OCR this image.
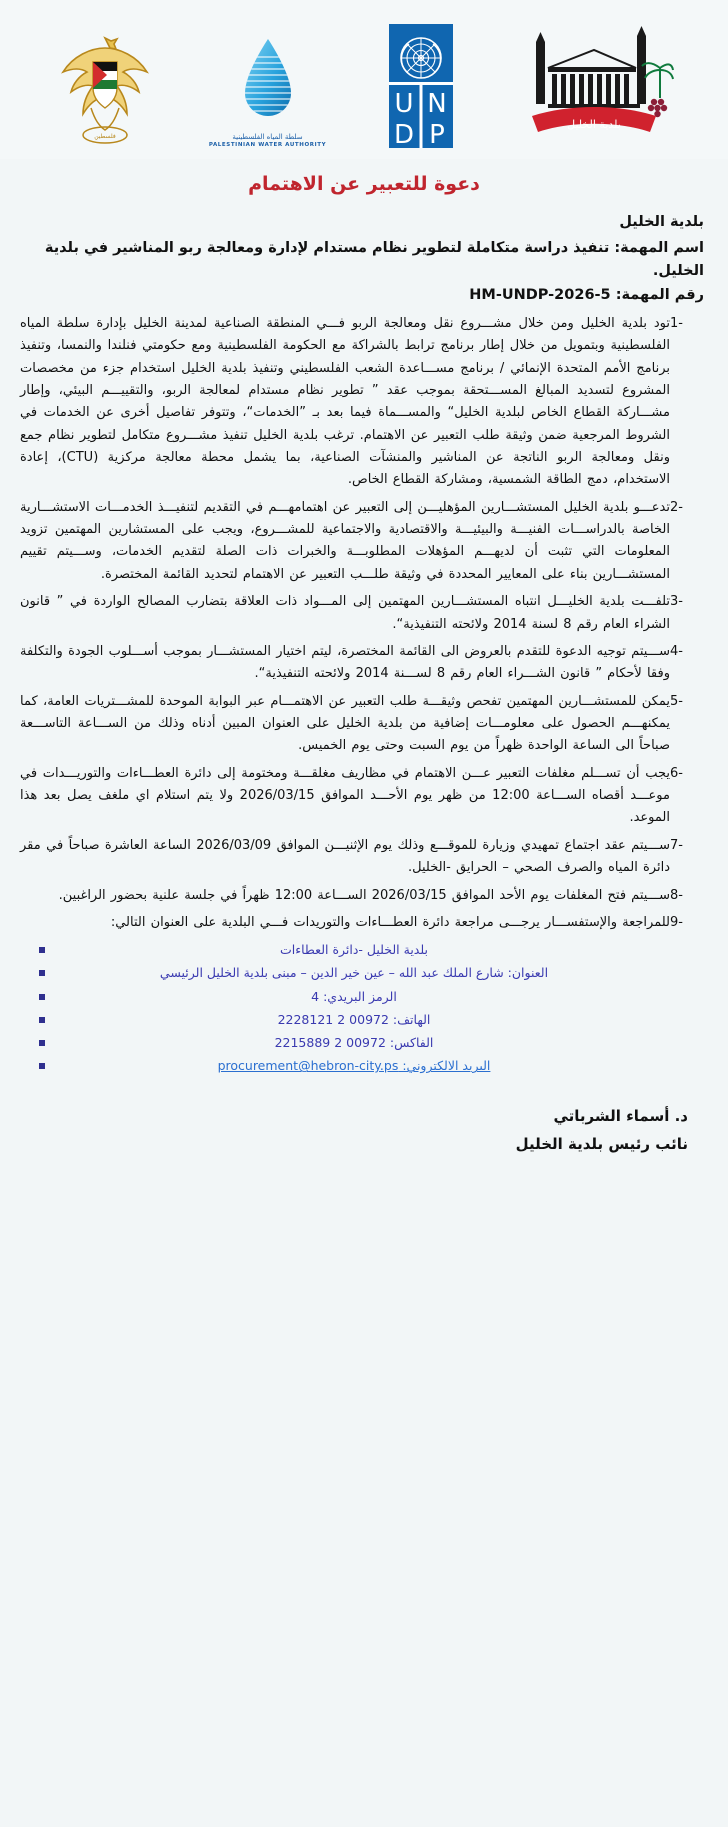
فلسطين	سلطة المياه الفلسطينية
PALESTINIAN WATER AUTHORITY
U N
D P	بلدية الخليل
دعوة للتعبير عن الاهتمام
بلدية الخليل
اسم المهمة: تنفيذ دراسة متكاملة لتطوير نظام مستدام لإدارة ومعالجة ربو المناشير في بلدية الخليل.
رقم المهمة: HM-UNDP-2026-5
1-
تود بلدية الخليل ومن خلال مشـــروع نقل ومعالجة الربو فـــي المنطقة الصناعية لمدينة الخليل بإدارة سلطة المياه الفلسطينية وبتمويل من خلال إطار برنامج ترابط بالشراكة مع الحكومة الفلسطينية ومع حكومتي فنلندا والنمسا، وتنفيذ برنامج الأمم المتحدة الإنمائي / برنامج مســـاعدة الشعب الفلسطيني وتنفيذ بلدية الخليل استخدام جزء من مخصصات المشروع لتسديد المبالغ المســـتحقة بموجب عقد ” تطوير نظام مستدام لمعالجة الربو، والتقييـــم البيئي، وإطار مشـــاركة القطاع الخاص لبلدية الخليل“ والمســـماة فيما بعد بـ ”الخدمات“، وتتوفر تفاصيل أخرى عن الخدمات في الشروط المرجعية ضمن وثيقة طلب التعبير عن الاهتمام. ترغب بلدية الخليل تنفيذ مشـــروع متكامل لتطوير نظام جمع ونقل ومعالجة الربو الناتجة عن المناشير والمنشآت الصناعية، بما يشمل محطة معالجة مركزية (CTU)، إعادة الاستخدام، دمج الطاقة الشمسية، ومشاركة القطاع الخاص.
2-
تدعـــو بلدية الخليل المستشـــارين المؤهليـــن إلى التعبير عن اهتمامهـــم في التقديم لتنفيـــذ الخدمـــات الاستشـــارية الخاصة بالدراســـات الفنيـــة والبيئيـــة والاقتصادية والاجتماعية للمشـــروع، ويجب على المستشارين المهتمين تزويد المعلومات التي تثبت أن لديهـــم المؤهلات المطلوبـــة والخبرات ذات الصلة لتقديم الخدمات، وســـيتم تقييم المستشـــارين بناء على المعايير المحددة في وثيقة طلـــب التعبير عن الاهتمام لتحديد القائمة المختصرة.
3-
تلفـــت بلدية الخليـــل انتباه المستشـــارين المهتمين إلى المـــواد ذات العلاقة بتضارب المصالح الواردة في ” قانون الشراء العام رقم 8 لسنة 2014 ولائحته التنفيذية“.
4-
ســـيتم توجيه الدعوة للتقدم بالعروض الى القائمة المختصرة، ليتم اختيار المستشـــار بموجب أســـلوب الجودة والتكلفة وفقا لأحكام ” قانون الشـــراء العام رقم 8 لســـنة 2014 ولائحته التنفيذية“.
5-
يمكن للمستشـــارين المهتمين تفحص وثيقـــة طلب التعبير عن الاهتمـــام عبر البوابة الموحدة للمشـــتريات العامة، كما يمكنهـــم الحصول على معلومـــات إضافية من بلدية الخليل على العنوان المبين أدناه وذلك من الســـاعة التاســـعة صباحاً الى الساعة الواحدة ظهراً من يوم السبت وحتى يوم الخميس.
6-
يجب أن تســـلم مغلفات التعبير عـــن الاهتمام في مظاريف مغلقـــة ومختومة إلى دائرة العطـــاءات والتوريـــدات في موعـــد أقصاه الســـاعة 12:00 من ظهر يوم الأحـــد الموافق 2026/03/15 ولا يتم استلام اي ملغف يصل بعد هذا الموعد.
7-
ســـيتم عقد اجتماع تمهيدي وزيارة للموقـــع وذلك يوم الإثنيـــن الموافق 2026/03/09 الساعة العاشرة صباحاً في مقر دائرة المياه والصرف الصحي – الحرايق -الخليل.
8-
ســـيتم فتح المغلفات يوم الأحد الموافق 2026/03/15 الســـاعة 12:00 ظهراً في جلسة علنية بحضور الراغبين.
9-
للمراجعة والإستفســـار يرجـــى مراجعة دائرة العطـــاءات والتوريدات فـــي البلدية على العنوان التالي:
بلدية الخليل -دائرة العطاءات
العنوان: شارع الملك عبد الله – عين خير الدين – مبنى بلدية الخليل الرئيسي
الرمز البريدي: 4
الهاتف: 00972 2 2228121
الفاكس: 00972 2 2215889
البريد الالكتروني: procurement@hebron-city.ps
د. أسماء الشرباتي
نائب رئيس بلدية الخليل
